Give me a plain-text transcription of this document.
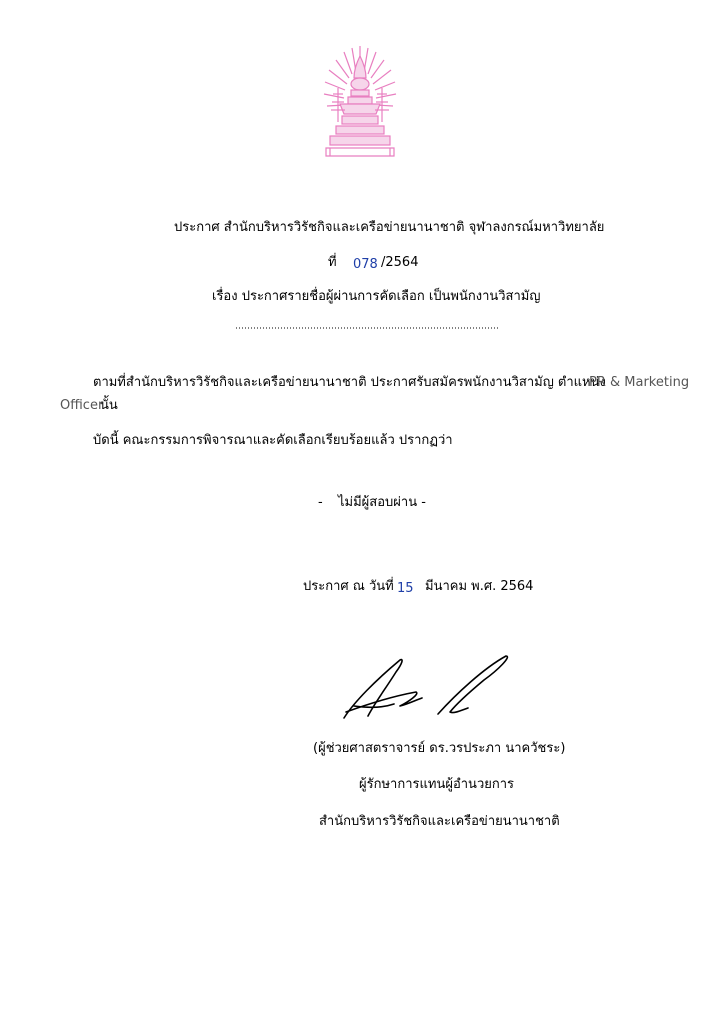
ประกาศ สำนักบริหารวิรัชกิจและเครือข่ายนานาชาติ จุฬาลงกรณ์มหาวิทยาลัย
ที่ 078 /2564
เรื่อง ประกาศรายชื่อผู้ผ่านการคัดเลือก เป็นพนักงานวิสามัญ
ตามที่สำนักบริหารวิรัชกิจและเครือข่ายนานาชาติ ประกาศรับสมัครพนักงานวิสามัญ ตำแหน่ง
PR & Marketing
Officer
นั้น
บัดนี้ คณะกรรมการพิจารณาและคัดเลือกเรียบร้อยแล้ว ปรากฏว่า
- ไม่มีผู้สอบผ่าน -
ประกาศ ณ วันที่ 15 มีนาคม พ.ศ. 2564
(ผู้ช่วยศาสตราจารย์ ดร.วรประภา นาควัชระ)
ผู้รักษาการแทนผู้อำนวยการ
สำนักบริหารวิรัชกิจและเครือข่ายนานาชาติ
